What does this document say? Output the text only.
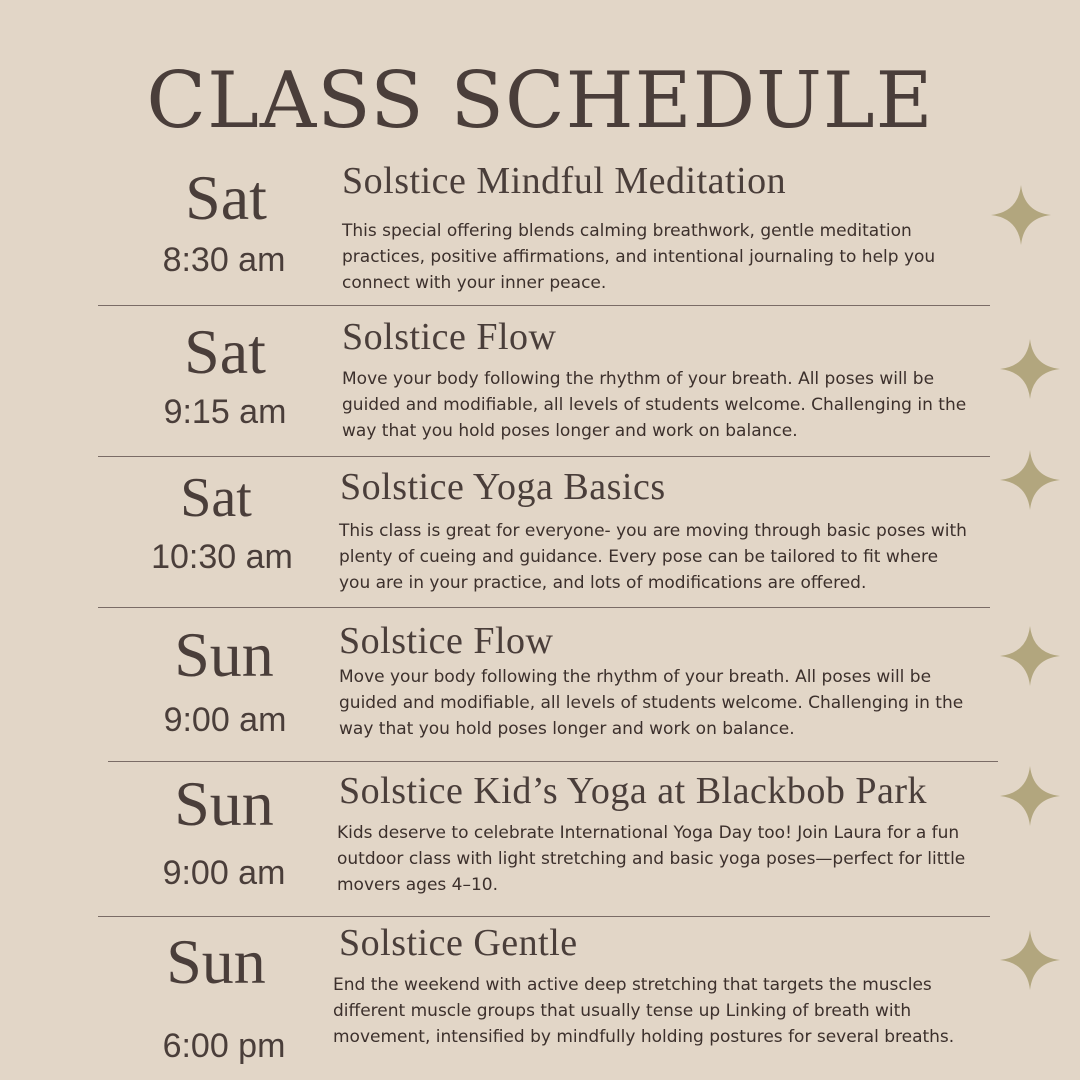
CLASS SCHEDULE
Sat
8:30 am
Solstice Mindful Meditation
This special offering blends calming breathwork, gentle meditation practices, positive affirmations, and intentional journaling to help you connect with your inner peace.
Sat
9:15 am
Solstice Flow
Move your body following the rhythm of your breath. All poses will be guided and modifiable, all levels of students welcome. Challenging in the way that you hold poses longer and work on balance.
Sat
10:30 am
Solstice Yoga Basics
This class is great for everyone- you are moving through basic poses with plenty of cueing and guidance. Every pose can be tailored to fit where you are in your practice, and lots of modifications are offered.
Sun
9:00 am
Solstice Flow
Move your body following the rhythm of your breath. All poses will be guided and modifiable, all levels of students welcome. Challenging in the way that you hold poses longer and work on balance.
Sun
9:00 am
Solstice Kid’s Yoga at Blackbob Park
Kids deserve to celebrate International Yoga Day too! Join Laura for a fun outdoor class with light stretching and basic yoga poses—perfect for little movers ages 4–10.
Sun
6:00 pm
Solstice Gentle
End the weekend with active deep stretching that targets the muscles different muscle groups that usually tense up Linking of breath with movement, intensified by mindfully holding postures for several breaths.
